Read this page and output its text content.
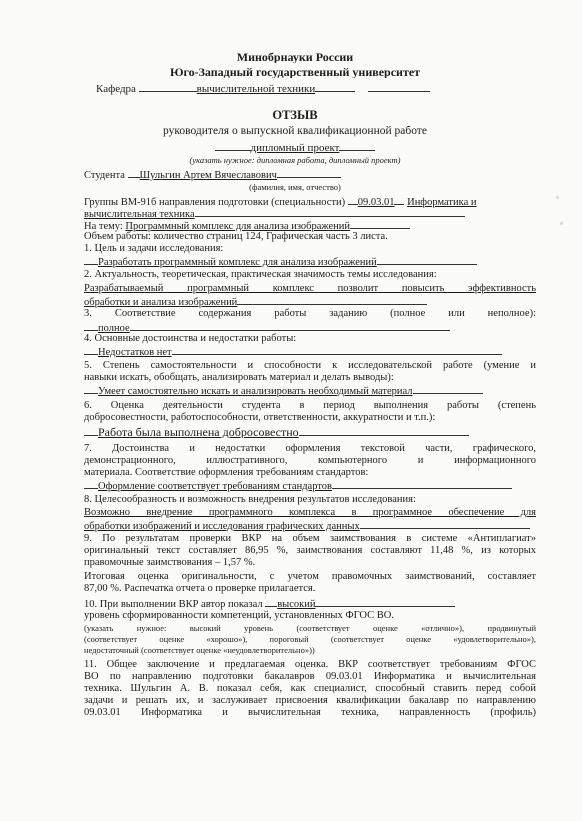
Минобрнауки России
Юго-Западный государственный университет
Кафедра	вычислительной техники
ОТЗЫВ
руководителя о выпускной квалификационной работе
дипломный проект
(указать нужное: дипломная работа, дипломный проект)
Студента Шульгин Артем Вячеславович
(фамилия, имя, отчество)
Группы ВМ-91б направления подготовки (специальности) 09.03.01 Информатика и
вычислительная техника
На тему: Программный комплекс для анализа изображений
Объем работы: количество страниц 124, Графическая часть 3 листа.
1. Цель и задачи исследования:
Разработать программный комплекс для анализа изображений
2. Актуальность, теоретическая, практическая значимость темы исследования:
Разрабатываемый программный комплекс позволит повысить эффективность
обработки и анализа изображений
3. Соответствие содержания работы заданию (полное или неполное):
полное
4. Основные достоинства и недостатки работы:
Недостатков нет
5. Степень самостоятельности и способности к исследовательской работе (умение и
навыки искать, обобщать, анализировать материал и делать выводы):
Умеет самостоятельно искать и анализировать необходимый материал
6. Оценка деятельности студента в период выполнения работы (степень
добросовестности, работоспособности, ответственности, аккуратности и т.п.):
Работа была выполнена добросовестно
7. Достоинства и недостатки оформления текстовой части, графического,
демонстрационного, иллюстративного, компьютерного и информационного
материала. Соответствие оформления требованиям стандартов:
Оформление соответствует требованиям стандартов
8. Целесообразность и возможность внедрения результатов исследования:
Возможно внедрение программного комплекса в программное обеспечение для
обработки изображений и исследования графических данных
9. По результатам проверки ВКР на объем заимствования в системе «Антиплагиат»
оригинальный текст составляет 86,95 %, заимствования составляют 11,48 %, из которых
правомочные заимствования – 1,57 %.
Итоговая оценка оригинальности, с учетом правомочных заимствований, составляет
87,00 %. Распечатка отчета о проверке прилагается.
10. При выполнении ВКР автор показал высокий
уровень сформированности компетенций, установленных ФГОС ВО.
(указать нужное: высокий уровень (соответствует оценке «отлично»), продвинутый
(соответствует оценке «хорошо»), пороговый (соответствует оценке «удовлетворительно»),
недостаточный (соответствует оценке «неудовлетворительно»))
11. Общее заключение и предлагаемая оценка. ВКР соответствует требованиям ФГОС
ВО по направлению подготовки бакалавров 09.03.01 Информатика и вычислительная
техника. Шульгин А. В. показал себя, как специалист, способный ставить перед собой
задачи и решать их, и заслуживает присвоения квалификации бакалавр по направлению
09.03.01 Информатика и вычислительная техника, направленность (профиль)
